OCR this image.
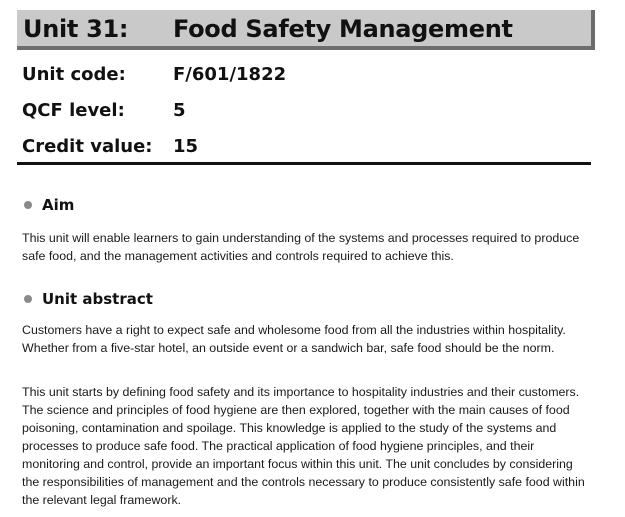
Unit 31: Food Safety Management
Unit code:	F/601/1822
QCF level:	5
Credit value: 15
Aim

This unit will enable learners to gain understanding of the systems and processes required to produce safe food, and the management activities and controls required to achieve this.

Unit abstract

Customers have a right to expect safe and wholesome food from all the industries within hospitality. Whether from a five-star hotel, an outside event or a sandwich bar, safe food should be the norm.

This unit starts by defining food safety and its importance to hospitality industries and their customers. The science and principles of food hygiene are then explored, together with the main causes of food poisoning, contamination and spoilage. This knowledge is applied to the study of the systems and processes to produce safe food. The practical application of food hygiene principles, and their monitoring and control, provide an important focus within this unit. The unit concludes by considering the responsibilities of management and the controls necessary to produce consistently safe food within the relevant legal framework.
